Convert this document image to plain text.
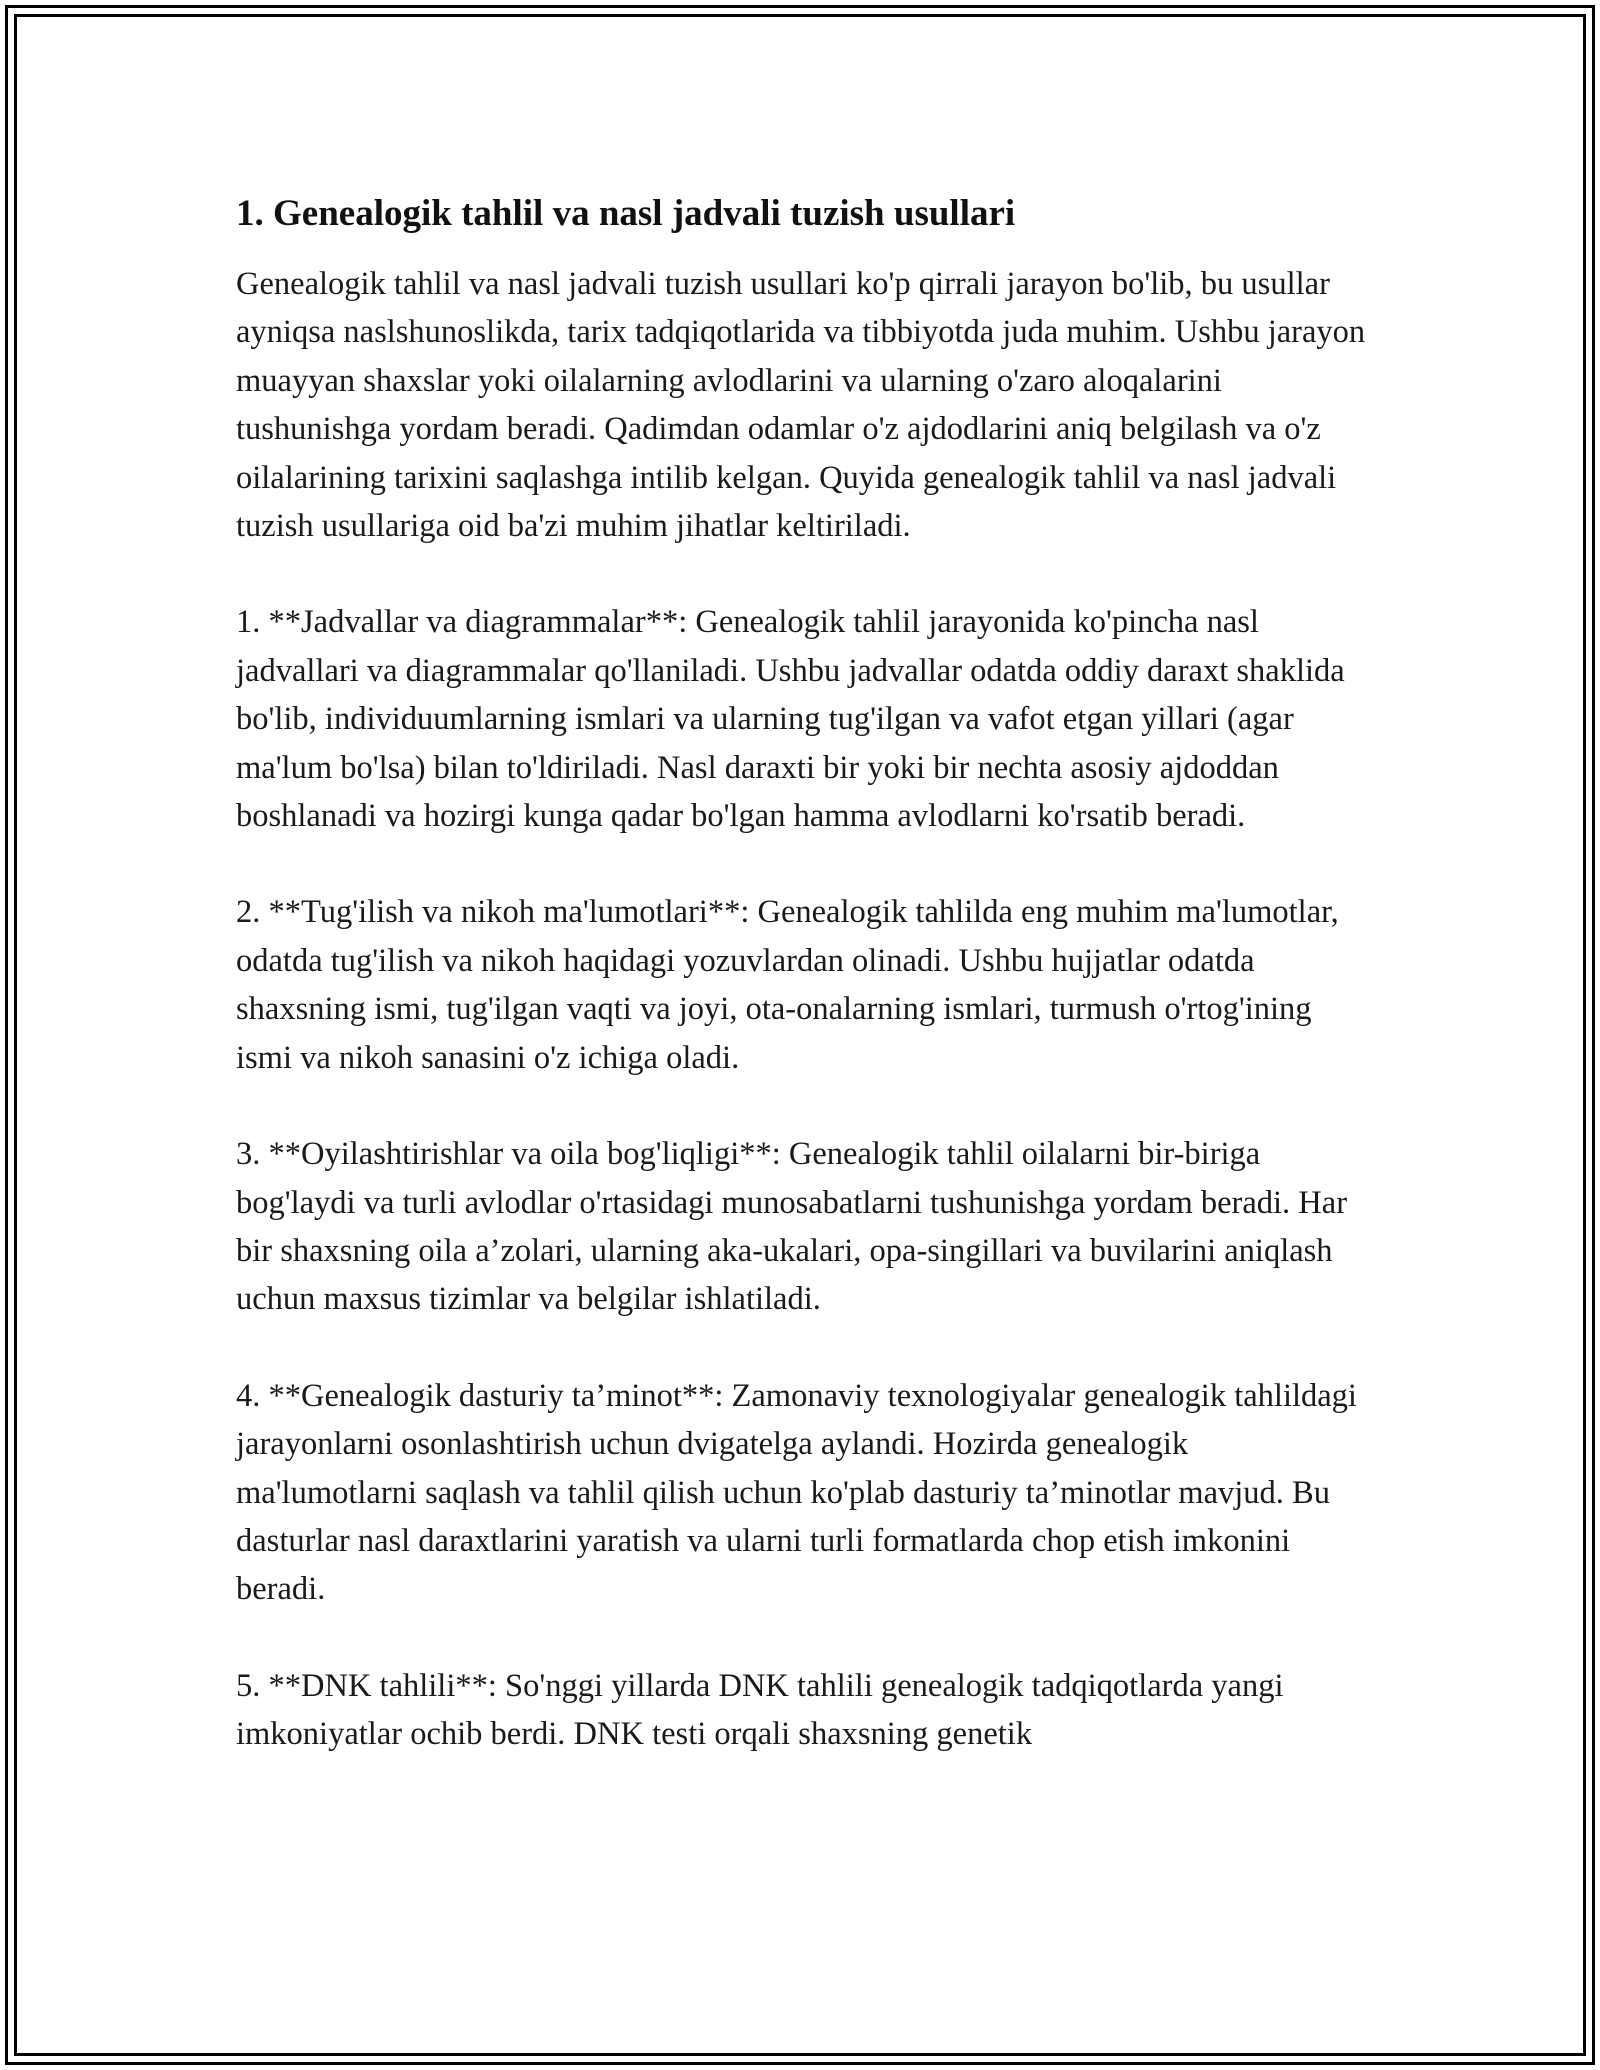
1. Genealogik tahlil va nasl jadvali tuzish usullari

Genealogik tahlil va nasl jadvali tuzish usullari ko'p qirrali jarayon bo'lib, bu usullar ayniqsa naslshunoslikda, tarix tadqiqotlarida va tibbiyotda juda muhim. Ushbu jarayon muayyan shaxslar yoki oilalarning avlodlarini va ularning o'zaro aloqalarini tushunishga yordam beradi. Qadimdan odamlar o'z ajdodlarini aniq belgilash va o'z oilalarining tarixini saqlashga intilib kelgan. Quyida genealogik tahlil va nasl jadvali tuzish usullariga oid ba'zi muhim jihatlar keltiriladi.

1. **Jadvallar va diagrammalar**: Genealogik tahlil jarayonida ko'pincha nasl jadvallari va diagrammalar qo'llaniladi. Ushbu jadvallar odatda oddiy daraxt shaklida bo'lib, individuumlarning ismlari va ularning tug'ilgan va vafot etgan yillari (agar ma'lum bo'lsa) bilan to'ldiriladi. Nasl daraxti bir yoki bir nechta asosiy ajdoddan boshlanadi va hozirgi kunga qadar bo'lgan hamma avlodlarni ko'rsatib beradi.

2. **Tug'ilish va nikoh ma'lumotlari**: Genealogik tahlilda eng muhim ma'lumotlar, odatda tug'ilish va nikoh haqidagi yozuvlardan olinadi. Ushbu hujjatlar odatda shaxsning ismi, tug'ilgan vaqti va joyi, ota-onalarning ismlari, turmush o'rtog'ining ismi va nikoh sanasini o'z ichiga oladi.

3. **Oyilashtirishlar va oila bog'liqligi**: Genealogik tahlil oilalarni bir-biriga bog'laydi va turli avlodlar o'rtasidagi munosabatlarni tushunishga yordam beradi. Har bir shaxsning oila a’zolari, ularning aka-ukalari, opa-singillari va buvilarini aniqlash uchun maxsus tizimlar va belgilar ishlatiladi.

4. **Genealogik dasturiy ta’minot**: Zamonaviy texnologiyalar genealogik tahlildagi jarayonlarni osonlashtirish uchun dvigatelga aylandi. Hozirda genealogik ma'lumotlarni saqlash va tahlil qilish uchun ko'plab dasturiy ta’minotlar mavjud. Bu dasturlar nasl daraxtlarini yaratish va ularni turli formatlarda chop etish imkonini beradi.

5. **DNK tahlili**: So'nggi yillarda DNK tahlili genealogik tadqiqotlarda yangi imkoniyatlar ochib berdi. DNK testi orqali shaxsning genetik
